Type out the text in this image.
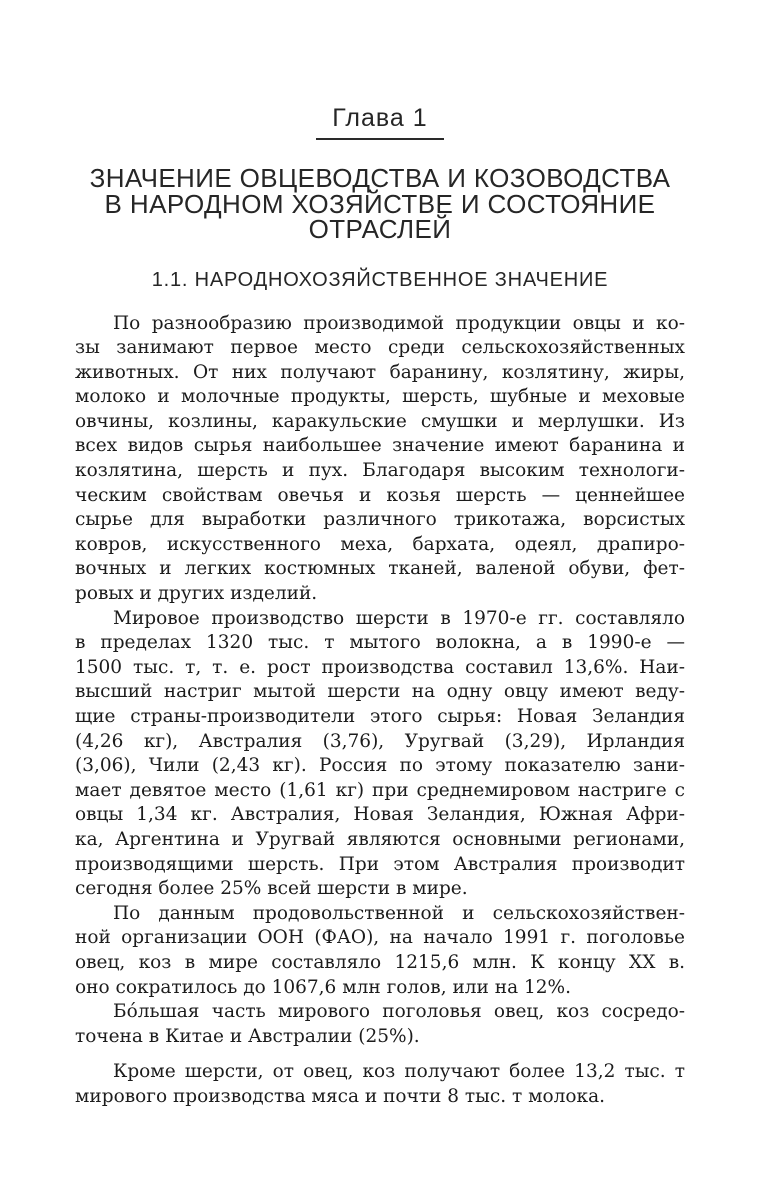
Глава 1
ЗНАЧЕНИЕ ОВЦЕВОДСТВА И КОЗОВОДСТВА
В НАРОДНОМ ХОЗЯЙСТВЕ И СОСТОЯНИЕ
ОТРАСЛЕЙ
1.1. НАРОДНОХОЗЯЙСТВЕННОЕ ЗНАЧЕНИЕ
По разнообразию производимой продукции овцы и ко-
зы занимают первое место среди сельскохозяйственных
животных. От них получают баранину, козлятину, жиры,
молоко и молочные продукты, шерсть, шубные и меховые
овчины, козлины, каракульские смушки и мерлушки. Из
всех видов сырья наибольшее значение имеют баранина и
козлятина, шерсть и пух. Благодаря высоким технологи-
ческим свойствам овечья и козья шерсть — ценнейшее
сырье для выработки различного трикотажа, ворсистых
ковров, искусственного меха, бархата, одеял, драпиро-
вочных и легких костюмных тканей, валеной обуви, фет-
ровых и других изделий.
Мировое производство шерсти в 1970-е гг. составляло
в пределах 1320 тыс. т мытого волокна, а в 1990-е —
1500 тыс. т, т. е. рост производства составил 13,6%. Наи-
высший настриг мытой шерсти на одну овцу имеют веду-
щие страны-производители этого сырья: Новая Зеландия
(4,26 кг), Австралия (3,76), Уругвай (3,29), Ирландия
(3,06), Чили (2,43 кг). Россия по этому показателю зани-
мает девятое место (1,61 кг) при среднемировом настриге с
овцы 1,34 кг. Австралия, Новая Зеландия, Южная Афри-
ка, Аргентина и Уругвай являются основными регионами,
производящими шерсть. При этом Австралия производит
сегодня более 25% всей шерсти в мире.
По данным продовольственной и сельскохозяйствен-
ной организации ООН (ФАО), на начало 1991 г. поголовье
овец, коз в мире составляло 1215,6 млн. К концу XX в.
оно сократилось до 1067,6 млн голов, или на 12%.
Бо́льшая часть мирового поголовья овец, коз сосредо-
точена в Китае и Австралии (25%).
Кроме шерсти, от овец, коз получают более 13,2 тыс. т
мирового производства мяса и почти 8 тыс. т молока.
